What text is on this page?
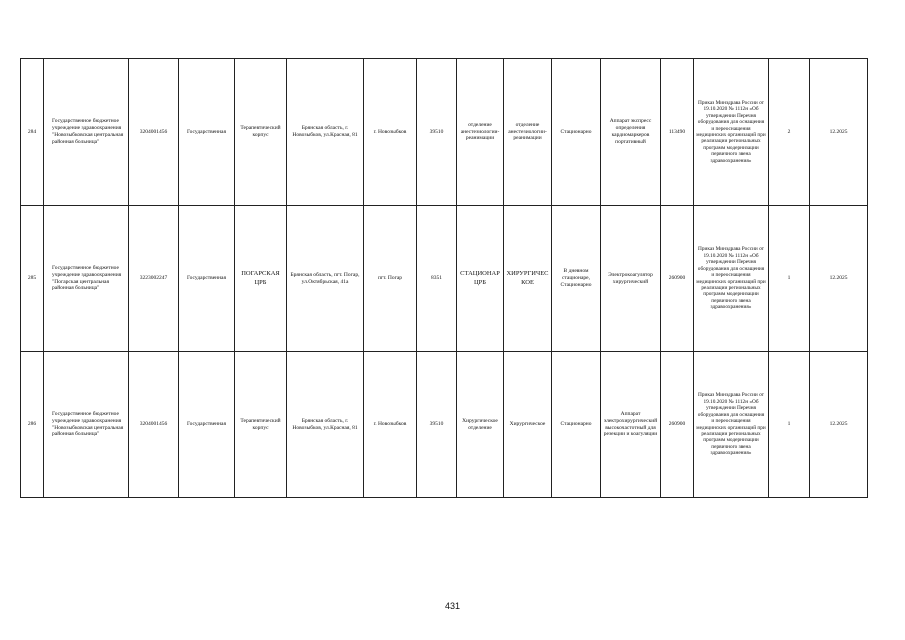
284	Государственное бюджетное учреждение здравоохранения "Новозыбковская центральная районная больница"	3204001456	Государственная	Терапевтический корпус	Брянская область, г. Новозыбков, ул.Красная, 81	г. Новозыбков	39510	отделение анестезиологии-реанимации	отделение анестезиологии-реанимации	Стационарно	Аппарат экспресс определения кардиомаркеров портативный	113490	Приказ Минздрава России от 19.10.2020 № 1112н «Об утверждении Перечня оборудования для оснащения и переоснащения медицинских организаций при реализации региональных программ модернизации первичного звена здравоохранения»	2	12.2025
285	Государственное бюджетное учреждение здравоохранения "Погарская центральная районная больница"	3223002247	Государственная	ПОГАРСКАЯ ЦРБ	Брянская область, пгт. Погар, ул.Октябрьская, 41а	пгт. Погар	8351	СТАЦИОНАР ЦРБ	ХИРУРГИЧЕСКОЕ	В дневном стационаре, Стационарно	Электрокоагулятор хирургический	260900	Приказ Минздрава России от 19.10.2020 № 1112н «Об утверждении Перечня оборудования для оснащения и переоснащения медицинских организаций при реализации региональных программ модернизации первичного звена здравоохранения»	1	12.2025
286	Государственное бюджетное учреждение здравоохранения "Новозыбковская центральная районная больница"	3204001456	Государственная	Терапевтический корпус	Брянская область, г. Новозыбков, ул.Красная, 81	г. Новозыбков	39510	Хирургическое отделение	Хирургическое	Стационарно	Аппарат электрохирургический высокочастотный для резекции и коагуляции	260900	Приказ Минздрава России от 19.10.2020 № 1112н «Об утверждении Перечня оборудования для оснащения и переоснащения медицинских организаций при реализации региональных программ модернизации первичного звена здравоохранения»	1	12.2025
431
